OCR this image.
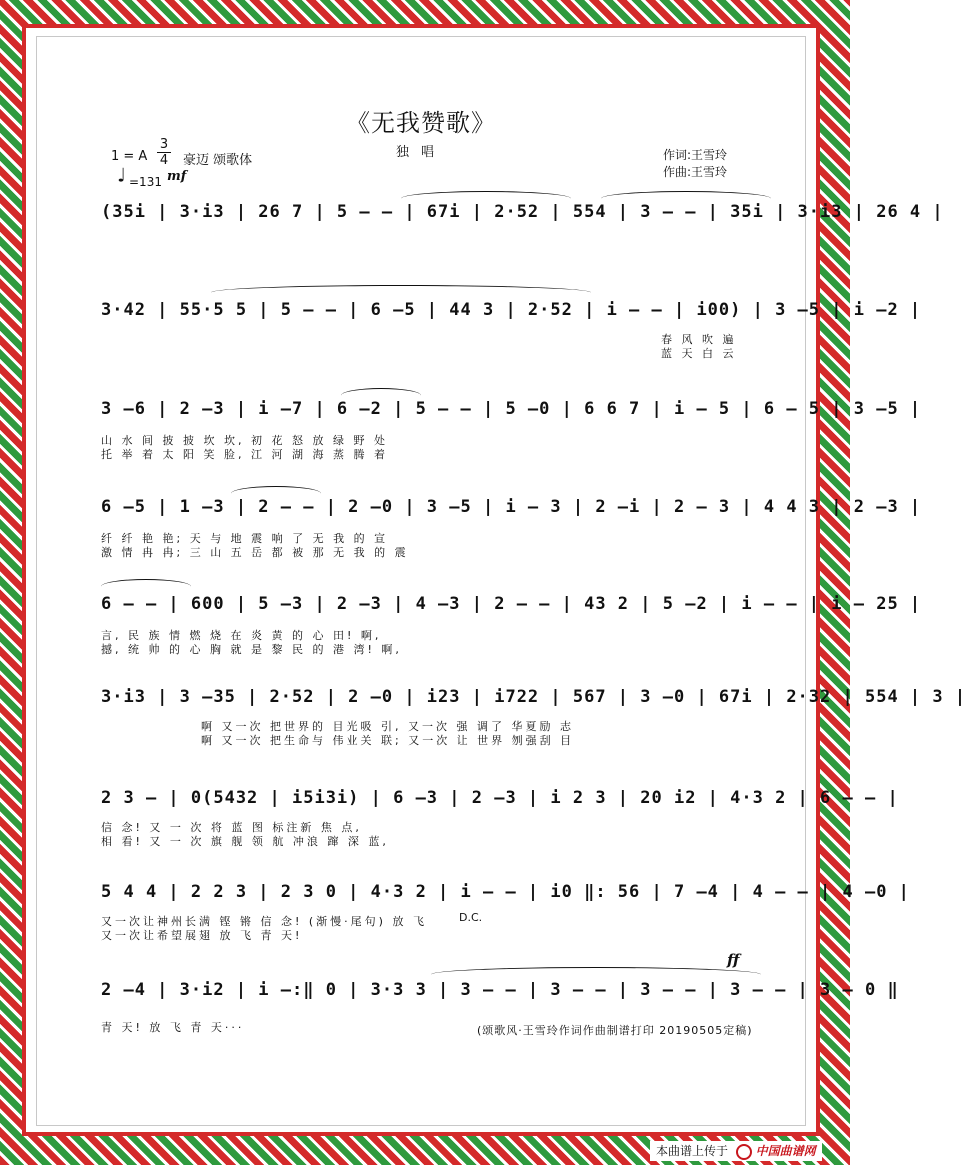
《无我赞歌》
独唱
1 = A
3
4 豪迈 颂歌体
♩ =131 mf
作词:王雪玲
作曲:王雪玲
(35i | 3·i3 | 26 7 | 5 — — | 67i | 2·52 | 554 | 3 — — | 35i | 3·i3 | 26 4 |
3·42 | 55·5 5 | 5 — — | 6 —5 | 44 3 | 2·52 | i — — | i00) | 3 —5 | i —2 |
春 风 吹 遍
蓝 天 白 云
3 —6 | 2 —3 | i —7 | 6 —2 | 5 — — | 5 —0 | 6 6 7 | i — 5 | 6 — 5 | 3 —5 |
山 水 间 披 披 坎 坎, 初 花 怒 放 绿 野 处
托 举 着 太 阳 笑 脸, 江 河 湖 海 蒸 腾 着
6 —5 | 1 —3 | 2 — — | 2 —0 | 3 —5 | i — 3 | 2 —i | 2 — 3 | 4 4 3 | 2 —3 |
纤 纤 艳 艳; 天 与 地 震 响 了 无 我 的 宣
激 情 冉 冉; 三 山 五 岳 都 被 那 无 我 的 震
6 — — | 600 | 5 —3 | 2 —3 | 4 —3 | 2 — — | 43 2 | 5 —2 | i — — | i — 25 |
言, 民 族 情 燃 烧 在 炎 黄 的 心 田! 啊,
撼, 统 帅 的 心 胸 就 是 黎 民 的 港 湾! 啊,
3·i3 | 3 —35 | 2·52 | 2 —0 | i23 | i722 | 567 | 3 —0 | 67i | 2·32 | 554 | 3 |
啊 又一次 把世界的 目光吸 引, 又一次 强 调了 华夏励 志
啊 又一次 把生命与 伟业关 联; 又一次 让 世界 刎强刮 目
2 3 — | 0(5432 | i5i3i) | 6 —3 | 2 —3 | i 2 3 | 20 i2 | 4·3 2 | 6 — — |
信 念! 又 一 次 将 蓝 图 标注新 焦 点,
相 看! 又 一 次 旗 舰 领 航 冲浪 蹿 深 蓝,
5 4 4 | 2 2 3 | 2 3 0 | 4·3 2 | i — — | i0 ‖: 56 | 7 —4 | 4 — — | 4 —0 |
又一次让神州长满 铿 锵 信 念! (渐慢·尾句) 放 飞
又一次让希望展翅 放 飞 青 天!
D.C.
ff
2 —4 | 3·i2 | i —:‖ 0 | 3·3 3 | 3 — — | 3 — — | 3 — — | 3 — — | 3 — 0 ‖
青 天! 放 飞 青 天···	(颂歌风·王雪玲作词作曲制谱打印 20190505定稿)
本曲谱上传于 中国曲谱网
